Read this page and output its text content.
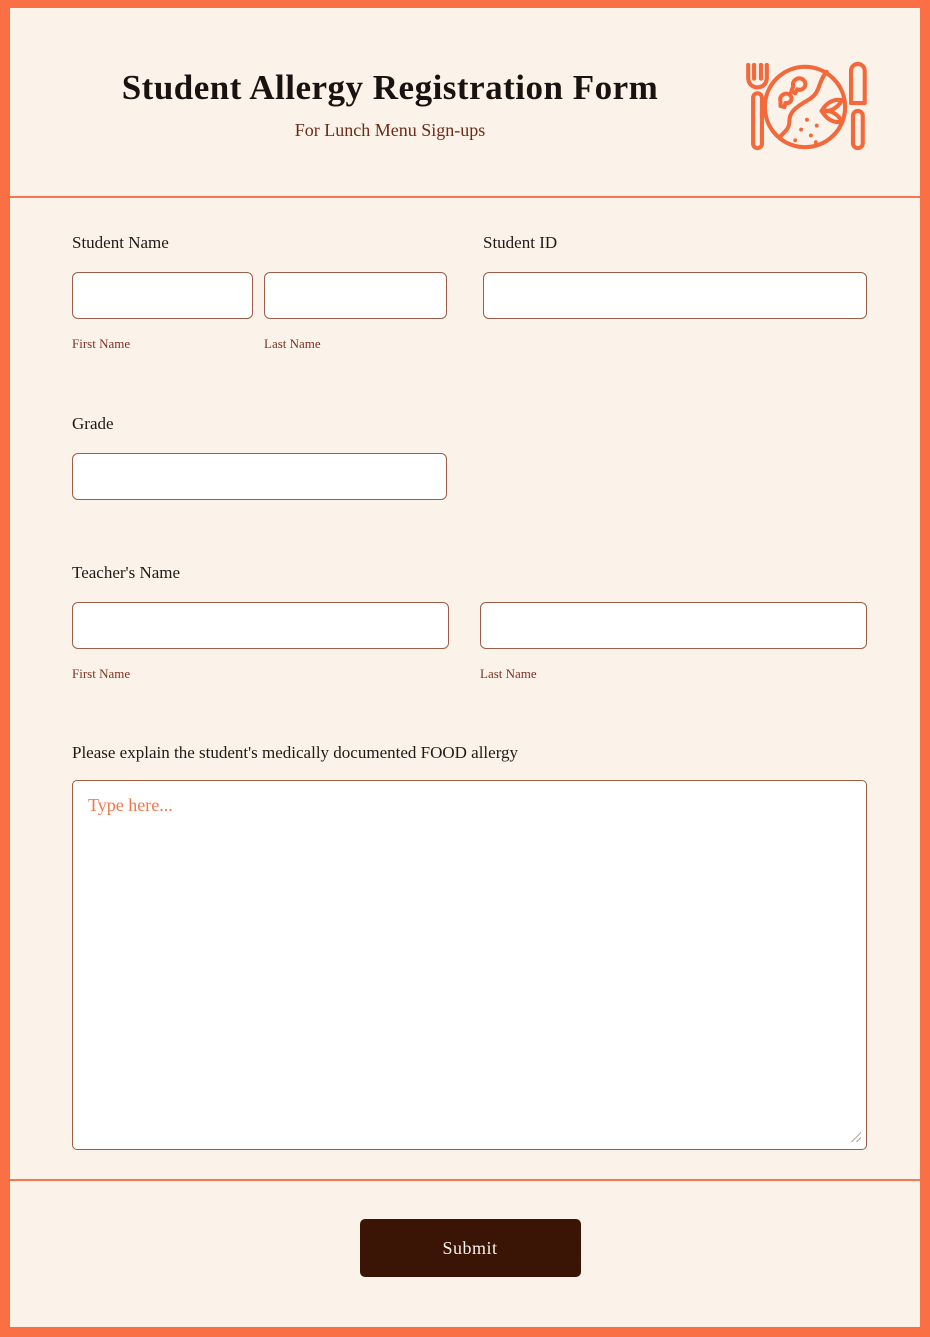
Student Allergy Registration Form
For Lunch Menu Sign-ups
Student Name
First Name	Last Name
Student ID
Grade
Teacher's Name
First Name	Last Name
Please explain the student's medically documented FOOD allergy
Type here...
Submit
